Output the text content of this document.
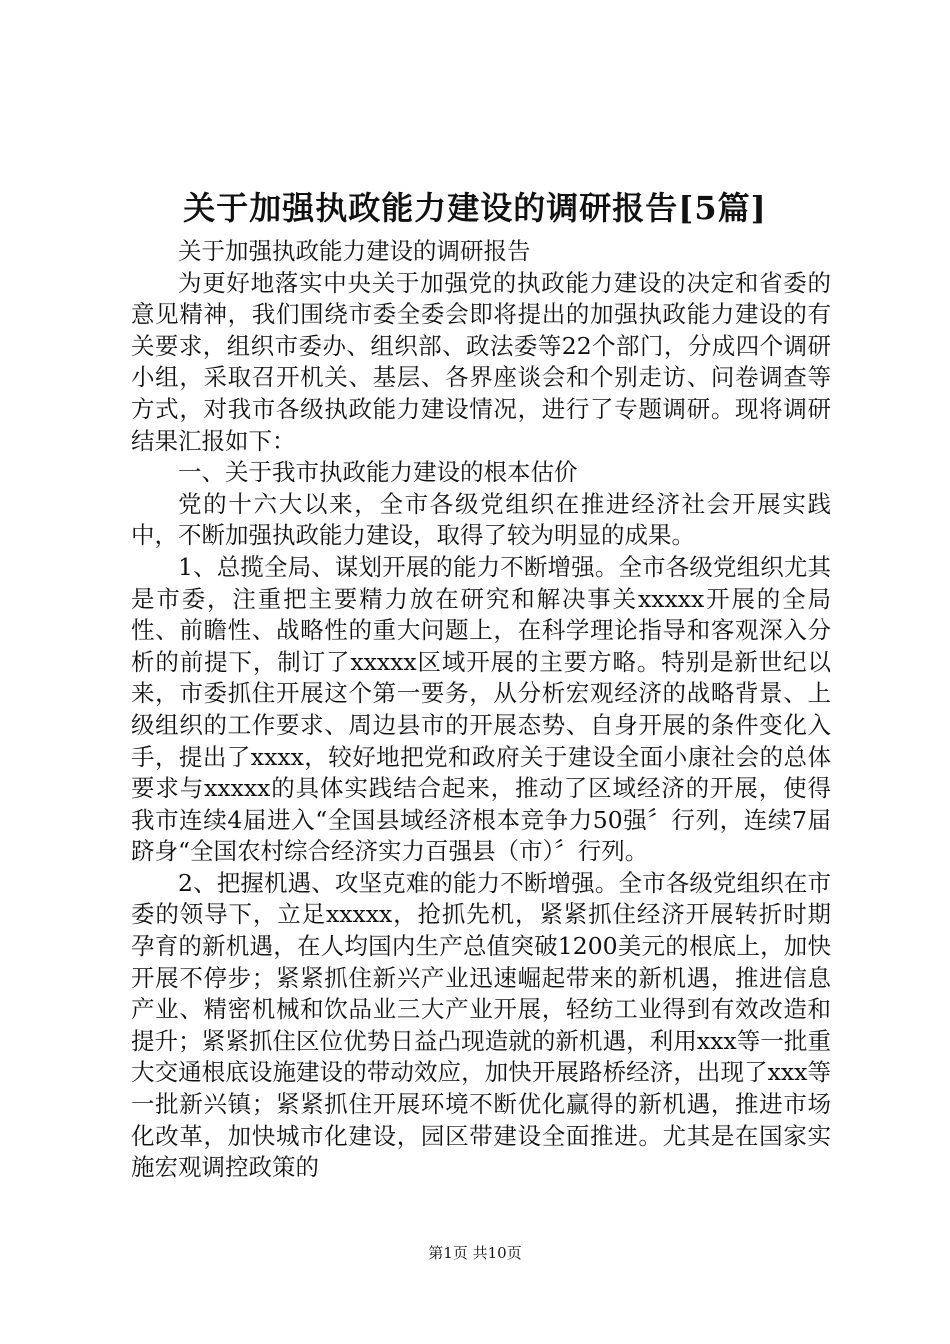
关于加强执政能力建设的调研报告[5篇]

关于加强执政能力建设的调研报告

为更好地落实中央关于加强党的执政能力建设的决定和省委的意见精神，我们围绕市委全委会即将提出的加强执政能力建设的有关要求，组织市委办、组织部、政法委等22个部门，分成四个调研小组，采取召开机关、基层、各界座谈会和个别走访、问卷调查等方式，对我市各级执政能力建设情况，进行了专题调研。现将调研结果汇报如下：

一、关于我市执政能力建设的根本估价

党的十六大以来，全市各级党组织在推进经济社会开展实践中，不断加强执政能力建设，取得了较为明显的成果。

1、总揽全局、谋划开展的能力不断增强。全市各级党组织尤其是市委，注重把主要精力放在研究和解决事关xxxxx开展的全局性、前瞻性、战略性的重大问题上，在科学理论指导和客观深入分析的前提下，制订了xxxxx区域开展的主要方略。特别是新世纪以来，市委抓住开展这个第一要务，从分析宏观经济的战略背景、上级组织的工作要求、周边县市的开展态势、自身开展的条件变化入手，提出了xxxx，较好地把党和政府关于建设全面小康社会的总体要求与xxxxx的具体实践结合起来，推动了区域经济的开展，使得我市连续4届进入“全国县域经济根本竞争力50强〞行列，连续7届跻身“全国农村综合经济实力百强县（市）〞行列。

2、把握机遇、攻坚克难的能力不断增强。全市各级党组织在市委的领导下，立足xxxxx，抢抓先机，紧紧抓住经济开展转折时期孕育的新机遇，在人均国内生产总值突破1200美元的根底上，加快开展不停步；紧紧抓住新兴产业迅速崛起带来的新机遇，推进信息产业、精密机械和饮品业三大产业开展，轻纺工业得到有效改造和提升；紧紧抓住区位优势日益凸现造就的新机遇，利用xxx等一批重大交通根底设施建设的带动效应，加快开展路桥经济，出现了xxx等一批新兴镇；紧紧抓住开展环境不断优化赢得的新机遇，推进市场化改革，加快城市化建设，园区带建设全面推进。尤其是在国家实施宏观调控政策的

第1页 共10页
